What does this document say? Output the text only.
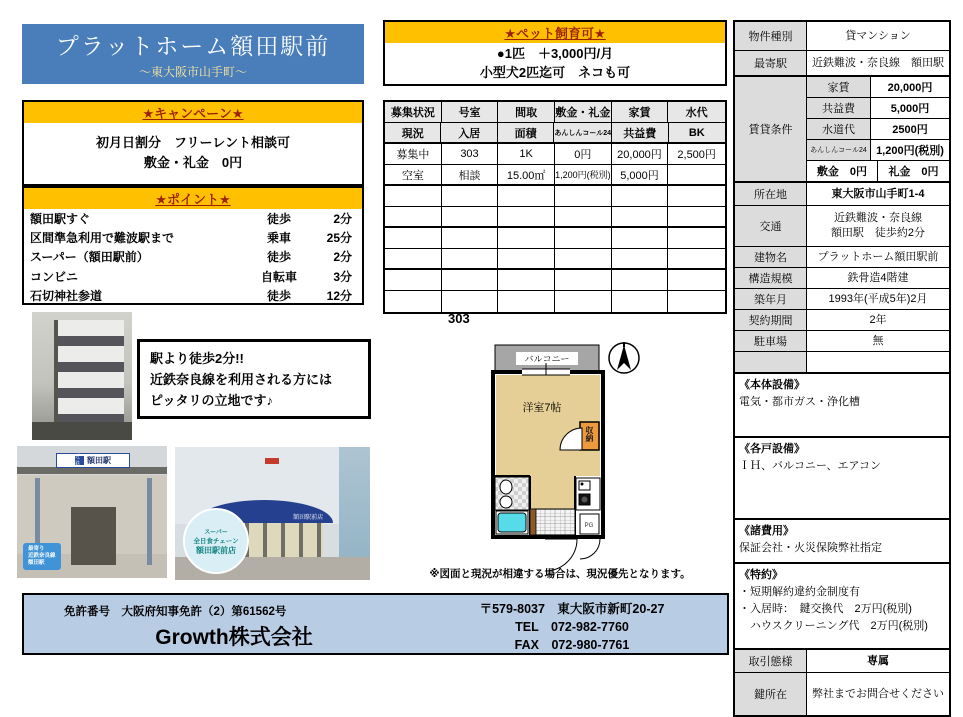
プラットホーム額田駅前
～東大阪市山手町～
★キャンペーン★
初月日割分　フリーレント相談可
敷金・礼金　0円
★ポイント★
額田駅すぐ	徒歩	2分
区間準急利用で難波駅まで	乗車	25分
スーパー（額田駅前）	徒歩	2分
コンビニ	自転車	3分
石切神社参道	徒歩	12分
★ペット飼育可★
●1匹　＋3,000円/月
小型犬2匹迄可　ネコも可
募集状況	号室	間取	敷金・礼金	家賃	水代
現況	入居	面積	あんしんコール24	共益費	BK
募集中	303	1K	0円	20,000円	2,500円
空室	相談	15.00㎡	1,200円(税別) 5,000円
303
バルコニー
洋室7帖
PG
収納
※図面と現況が相違する場合は、現況優先となります。
駅より徒歩2分!!
近鉄奈良線を利用される方には
ピッタリの立地です♪
近鉄 額田駅
最寄り
近鉄奈良線
額田駅
額田駅前店
スーパー
全日食チェーン
額田駅前店
物件種別	貸マンション
最寄駅	近鉄難波・奈良線　額田駅
賃貸条件
家賃	20,000円
共益費	5,000円
水道代	2500円
あんしんコール24 1,200円(税別)
敷金　0円	礼金　0円
所在地	東大阪市山手町1-4
交通
近鉄難波・奈良線
額田駅　徒歩約2分
建物名	プラットホーム額田駅前
構造規模	鉄骨造4階建
築年月	1993年(平成5年)2月
契約期間	2年
駐車場	無
《本体設備》
電気・都市ガス・浄化槽
《各戸設備》
ＩＨ、バルコニー、エアコン
《諸費用》
保証会社・火災保険弊社指定
《特約》
・短期解約違約金制度有
・入居時：　鍵交換代　2万円(税別)
　ハウスクリーニング代　2万円(税別)
取引態様	専属
鍵所在	弊社までお問合せください
免許番号　大阪府知事免許（2）第61562号
Growth株式会社
〒579-8037　東大阪市新町20-27
TEL　072-982-7760
FAX　072-980-7761
